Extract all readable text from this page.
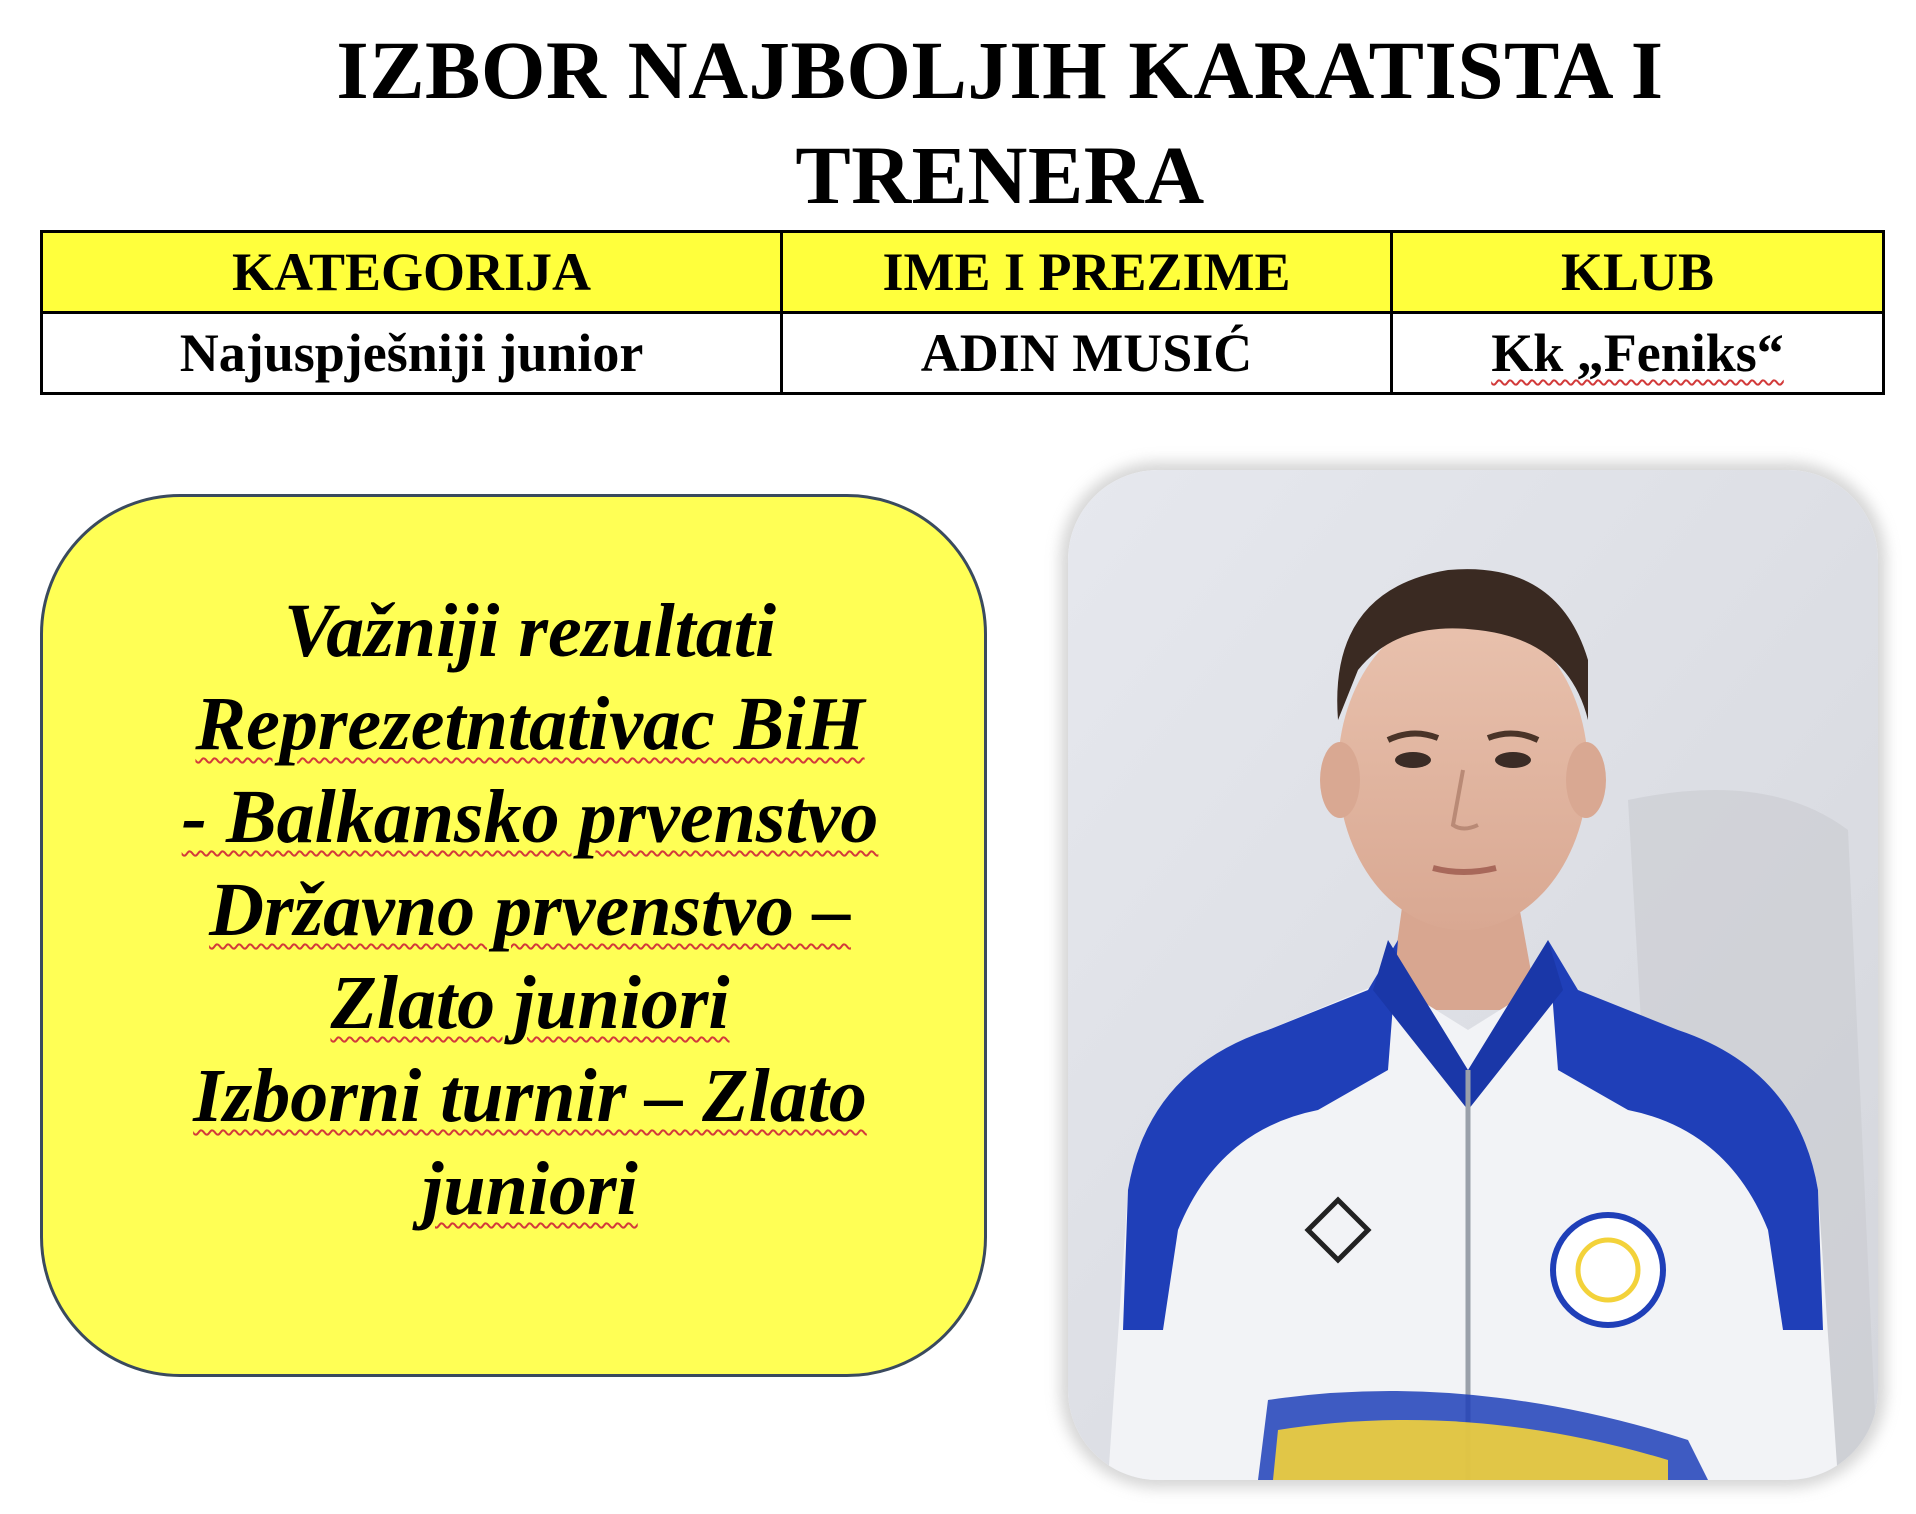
IZBOR NAJBOLJIH KARATISTA I
TRENERA
KATEGORIJA	IME I PREZIME	KLUB
Najuspješniji junior	ADIN MUSIĆ	Kk „Feniks“
Važniji rezultati
Reprezetntativac BiH
- Balkansko prvenstvo
Državno prvenstvo –
Zlato juniori
Izborni turnir – Zlato
juniori
